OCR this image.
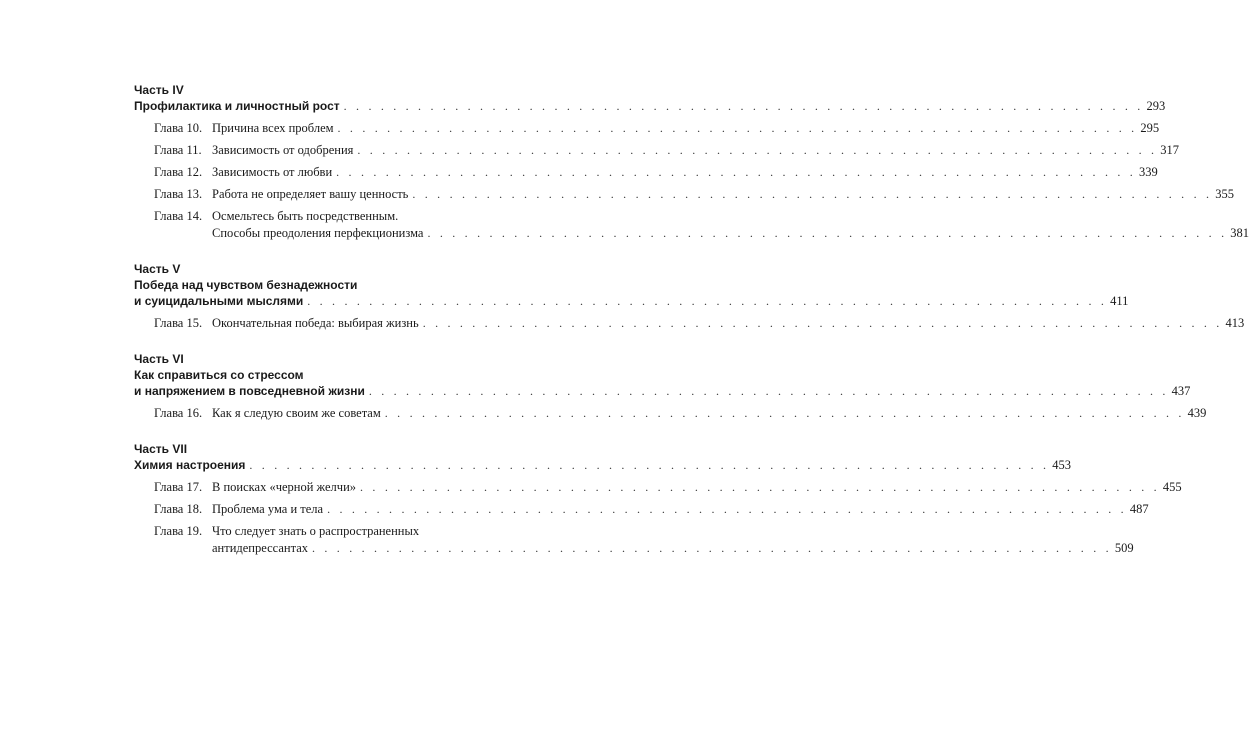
Часть IV
Профилактика и личностный рост . . . . . . . . . . . . . . . . . . . . . . . . . . . . . . . . . . . . . . . . . . . . . . . . . . . . . . . . . . . . . . . . . 293
Глава 10. Причина всех проблем . . . . . . . . . . . . . . . . . . . . . . . . . . . . . . . . . . . . . . . . . . . . . . . . . . . . . . . . . . . . . . . . . 295
Глава 11. Зависимость от одобрения . . . . . . . . . . . . . . . . . . . . . . . . . . . . . . . . . . . . . . . . . . . . . . . . . . . . . . . . . . . . . . . . . 317
Глава 12. Зависимость от любви . . . . . . . . . . . . . . . . . . . . . . . . . . . . . . . . . . . . . . . . . . . . . . . . . . . . . . . . . . . . . . . . . 339
Глава 13. Работа не определяет вашу ценность . . . . . . . . . . . . . . . . . . . . . . . . . . . . . . . . . . . . . . . . . . . . . . . . . . . . . . . . . . . . . . . . . 355
Глава 14. Осмельтесь быть посредственным.
Способы преодоления перфекционизма . . . . . . . . . . . . . . . . . . . . . . . . . . . . . . . . . . . . . . . . . . . . . . . . . . . . . . . . . . . . . . . . . 381
Часть V
Победа над чувством безнадежности
и суицидальными мыслями . . . . . . . . . . . . . . . . . . . . . . . . . . . . . . . . . . . . . . . . . . . . . . . . . . . . . . . . . . . . . . . . . 411
Глава 15. Окончательная победа: выбирая жизнь . . . . . . . . . . . . . . . . . . . . . . . . . . . . . . . . . . . . . . . . . . . . . . . . . . . . . . . . . . . . . . . . . 413
Часть VI
Как справиться со стрессом
и напряжением в повседневной жизни . . . . . . . . . . . . . . . . . . . . . . . . . . . . . . . . . . . . . . . . . . . . . . . . . . . . . . . . . . . . . . . . . 437
Глава 16. Как я следую своим же советам . . . . . . . . . . . . . . . . . . . . . . . . . . . . . . . . . . . . . . . . . . . . . . . . . . . . . . . . . . . . . . . . . 439
Часть VII
Химия настроения . . . . . . . . . . . . . . . . . . . . . . . . . . . . . . . . . . . . . . . . . . . . . . . . . . . . . . . . . . . . . . . . . 453
Глава 17. В поисках «черной желчи» . . . . . . . . . . . . . . . . . . . . . . . . . . . . . . . . . . . . . . . . . . . . . . . . . . . . . . . . . . . . . . . . . 455
Глава 18. Проблема ума и тела . . . . . . . . . . . . . . . . . . . . . . . . . . . . . . . . . . . . . . . . . . . . . . . . . . . . . . . . . . . . . . . . . 487
Глава 19. Что следует знать о распространенных
антидепрессантах . . . . . . . . . . . . . . . . . . . . . . . . . . . . . . . . . . . . . . . . . . . . . . . . . . . . . . . . . . . . . . . . . 509
